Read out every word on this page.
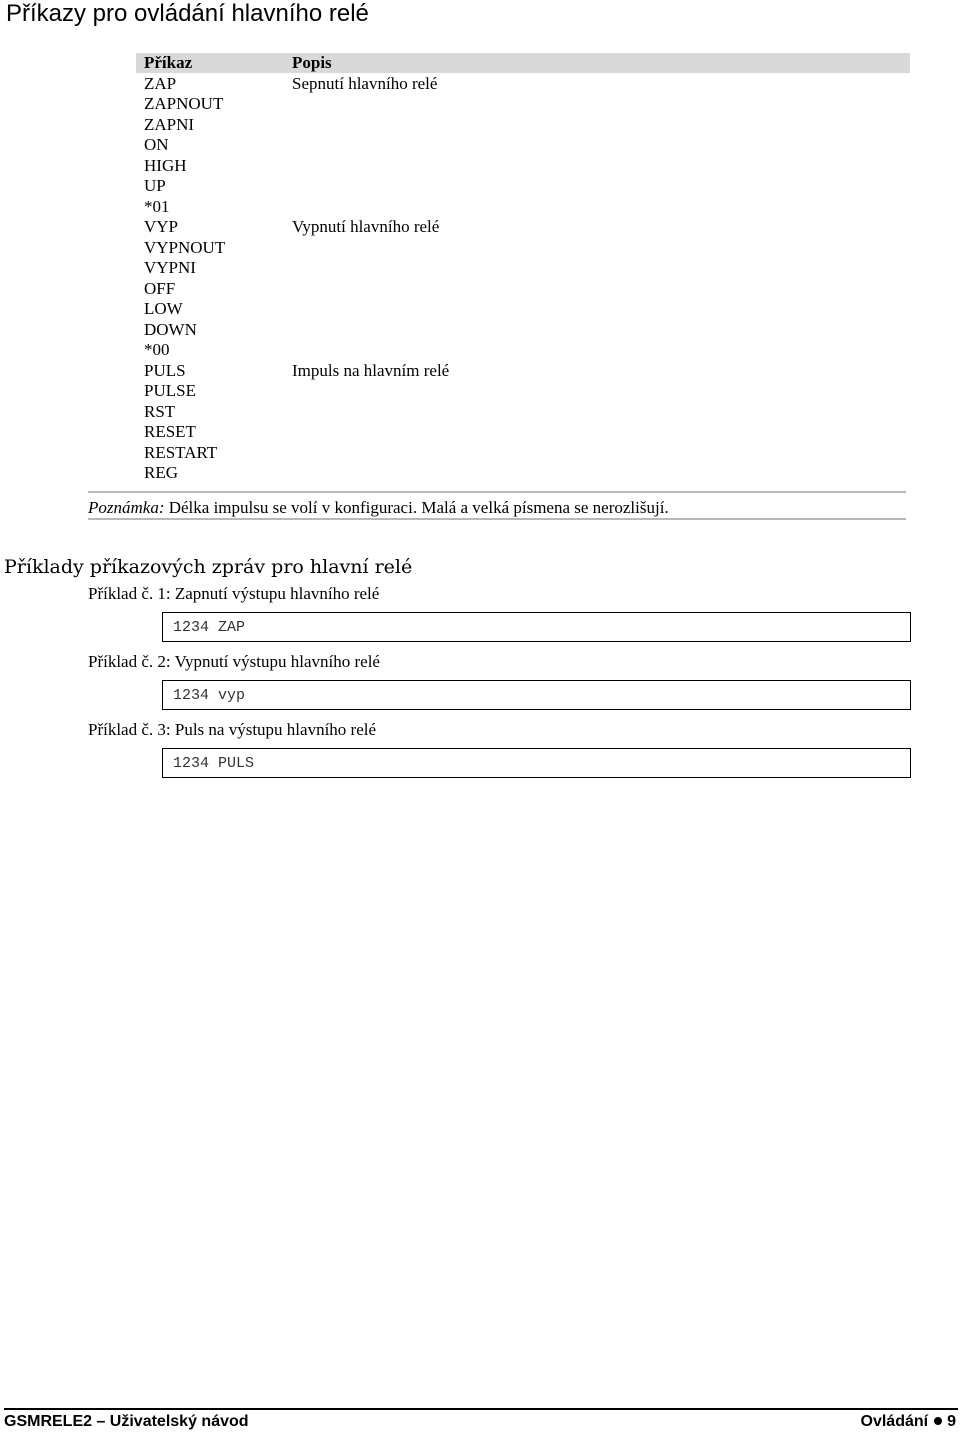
Příkazy pro ovládání hlavního relé
Příkaz
ZAP
ZAPNOUT
ZAPNI
ON
HIGH
UP
*01
VYP
VYPNOUT
VYPNI
OFF
LOW
DOWN
*00
PULS
PULSE
RST
RESET
RESTART
REG
Popis
Sepnutí hlavního relé
Vypnutí hlavního relé
Impuls na hlavním relé
Poznámka: Délka impulsu se volí v konfiguraci. Malá a velká písmena se nerozlišují.
Příklady příkazových zpráv pro hlavní relé
Příklad č. 1: Zapnutí výstupu hlavního relé
1234 ZAP
Příklad č. 2: Vypnutí výstupu hlavního relé
1234 vyp
Příklad č. 3: Puls na výstupu hlavního relé
1234 PULS
GSMRELE2 – Uživatelský návod	Ovládání 9
